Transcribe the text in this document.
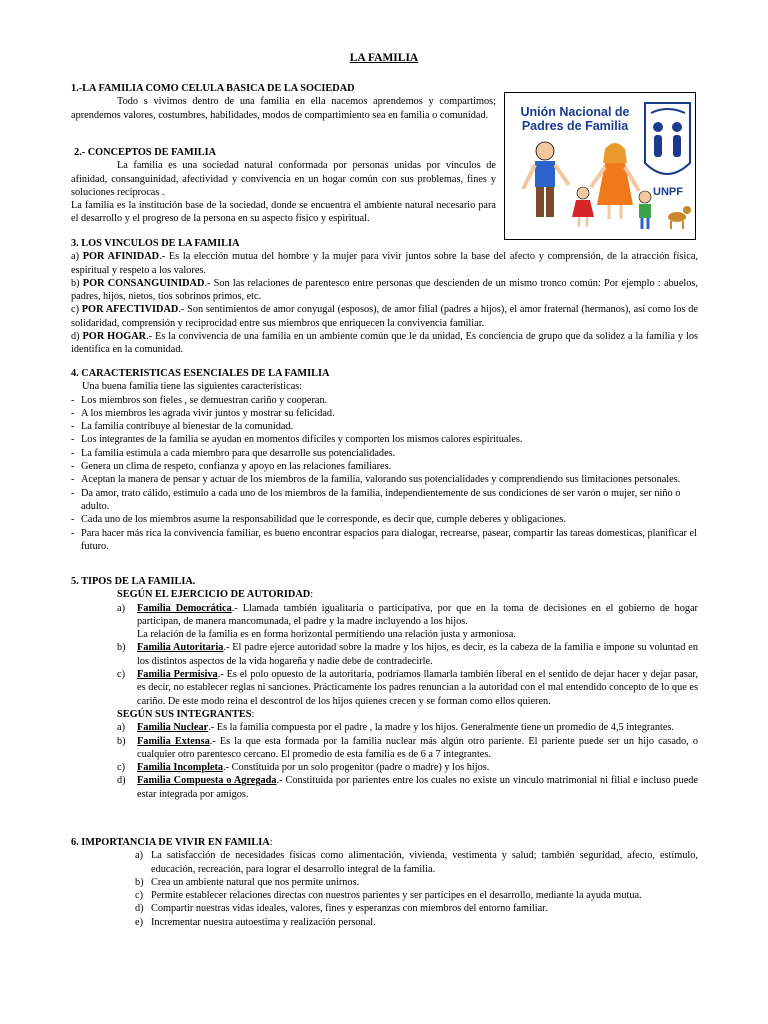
LA FAMILIA
Unión Nacional de Padres de Familia
UNPF

1.-LA FAMILIA COMO CELULA BASICA DE LA SOCIEDAD

Todo s vivimos dentro de una familia en ella nacemos aprendemos y compartimos; aprendemos valores, costumbres, habilidades, modos de compartimiento sea en familia o comunidad.

2.- CONCEPTOS DE FAMILIA

La familia es una sociedad natural conformada por personas unidas por vínculos de afinidad, consanguinidad, afectividad y convivencia en un hogar común con sus problemas, fines y soluciones recíprocas .

La familia es la institución base de la sociedad, donde se encuentra el ambiente natural necesario para el desarrollo y el progreso de la persona en su aspecto físico y espiritual.

3. LOS VINCULOS DE LA FAMILIA

a) POR AFINIDAD.- Es la elección mutua del hombre y la mujer para vivir juntos sobre la base del afecto y comprensión, de la atracción física, espiritual y respeto a los valores.

b) POR CONSANGUINIDAD.- Son las relaciones de parentesco entre personas que descienden de un mismo tronco común: Por ejemplo : abuelos, padres, hijos, nietos, tíos sobrinos primos, etc.

c) POR AFECTIVIDAD.- Son sentimientos de amor conyugal (esposos), de amor filial (padres a hijos), el amor fraternal (hermanos), así como los de solidaridad, comprensión y reciprocidad entre sus miembros que enriquecen la convivencia familiar.

d) POR HOGAR.- Es la convivencia de una familia en un ambiente común que le da unidad, Es conciencia de grupo que da solidez a la familia y los identifica en la comunidad.

4. CARACTERISTICAS ESENCIALES DE LA FAMILIA

Una buena familia tiene las siguientes características:

- Los miembros son fieles , se demuestran cariño y cooperan.

- A los miembros les agrada vivir juntos y mostrar su felicidad.

- La familia contribuye al bienestar de la comunidad.

- Los integrantes de la familia se ayudan en momentos difíciles y comporten los mismos calores espirituales.

- La familia estimula a cada miembro para que desarrolle sus potencialidades.

- Genera un clima de respeto, confianza y apoyo en las relaciones familiares.

- Aceptan la manera de pensar y actuar de los miembros de la familia, valorando sus potencialidades y comprendiendo sus limitaciones personales.

- Da amor, trato cálido, estimulo a cada uno de los miembros de la familia, independientemente de sus condiciones de ser varón o mujer, ser niño o adulto.

- Cada uno de los miembros asume la responsabilidad que le corresponde, es decir que, cumple deberes y obligaciones.

- Para hacer más rica la convivencia familiar, es bueno encontrar espacios para dialogar, recrearse, pasear, compartir las tareas domesticas, planificar el futuro.

5. TIPOS DE LA FAMILIA.

SEGÚN EL EJERCICIO DE AUTORIDAD:

a) Familia Democrática.- Llamada también igualitaria o participativa, por que en la toma de decisiones en el gobierno de hogar participan, de manera mancomunada, el padre y la madre incluyendo a los hijos.

La relación de la familia es en forma horizontal permitiendo una relación justa y armoniosa.

b) Familia Autoritaria.- El padre ejerce autoridad sobre la madre y los hijos, es decir, es la cabeza de la familia e impone su voluntad en los distintos aspectos de la vida hogareña y nadie debe de contradecirle.
c) Familia Permisiva.- Es el polo opuesto de la autoritaria, podríamos llamarla también liberal en el sentido de dejar hacer y dejar pasar, es decir, no establecer reglas ni sanciones. Prácticamente los padres renuncian a la autoridad con el mal entendido concepto de lo que es cariño. De este modo reina el descontrol de los hijos quienes crecen y se forman como ellos quieren.

SEGÚN SUS INTEGRANTES:

a) Familia Nuclear.- Es la familia compuesta por el padre , la madre y los hijos. Generalmente tiene un promedio de 4,5 integrantes.
b) Familia Extensa.- Es la que esta formada por la familia nuclear más algún otro pariente. El pariente puede ser un hijo casado, o cualquier otro parentesco cercano. El promedio de esta familia es de 6 a 7 integrantes.
c) Familia Incompleta.- Constituida por un solo progenitor (padre o madre) y los hijos.
d) Familia Compuesta o Agregada.- Constituida por parientes entre los cuales no existe un vinculo matrimonial ni filial e incluso puede estar integrada por amigos.

6. IMPORTANCIA DE VIVIR EN FAMILIA:

a) La satisfacción de necesidades físicas como alimentación, vivienda, vestimenta y salud; también seguridad, afecto, estímulo, educación, recreación, para lograr el desarrollo integral de la familia.
b) Crea un ambiente natural que nos permite unirnos.
c) Permite establecer relaciones directas con nuestros parientes y ser partícipes en el desarrollo, mediante la ayuda mutua.
d) Compartir nuestras vidas ideales, valores, fines y esperanzas con miembros del entorno familiar.
e) Incrementar nuestra autoestima y realización personal.
